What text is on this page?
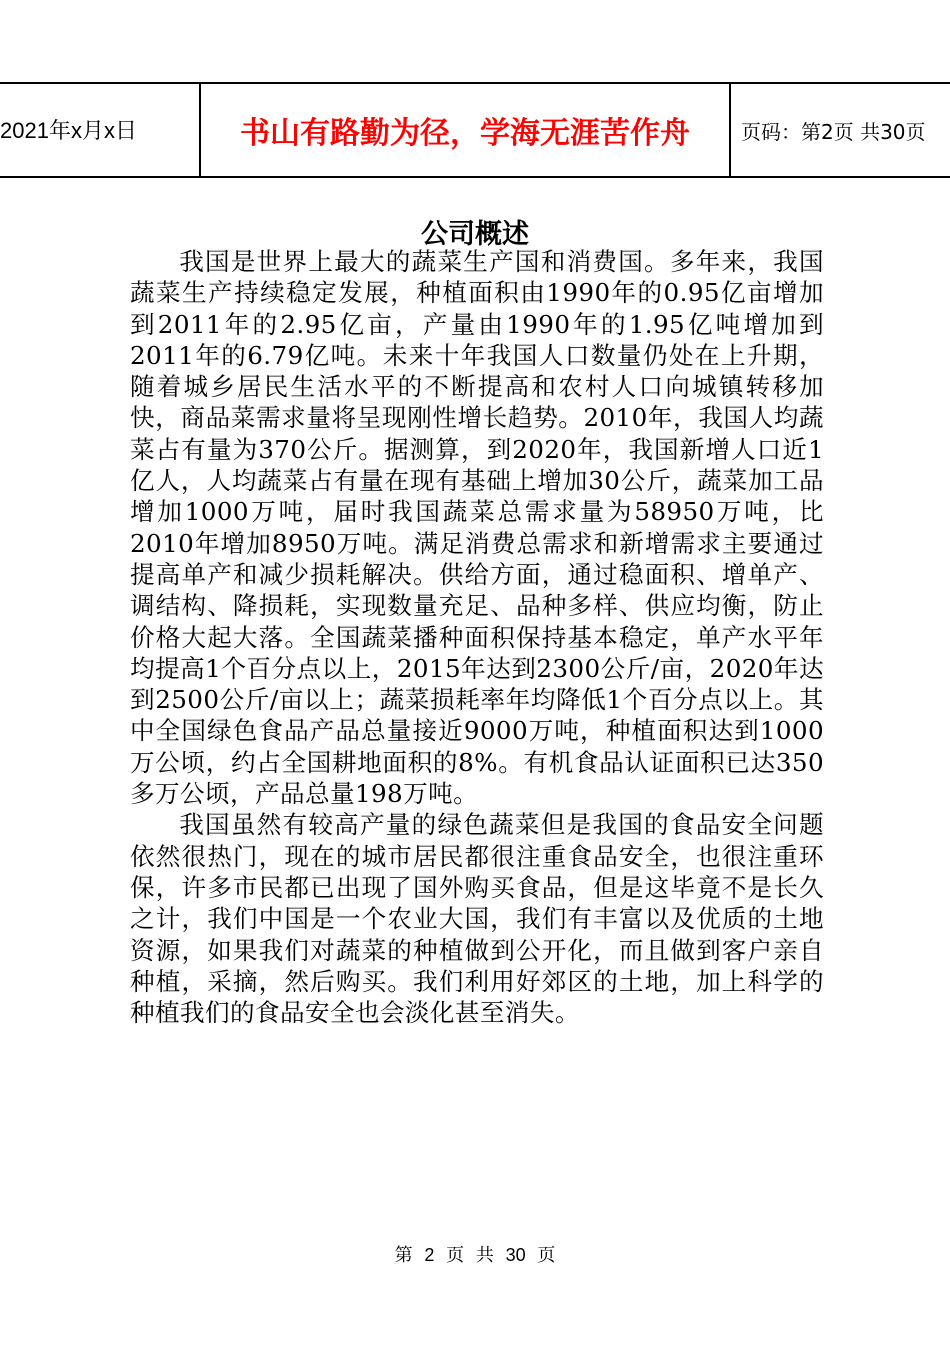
2021年x月x日	书山有路勤为径，学海无涯苦作舟	页码：第2页 共30页
公司概述

我国是世界上最大的蔬菜生产国和消费国。多年来，我国蔬菜生产持续稳定发展，种植面积由1990年的0.95亿亩增加到2011年的2.95亿亩，产量由1990年的1.95亿吨增加到2011年的6.79亿吨。未来十年我国人口数量仍处在上升期，随着城乡居民生活水平的不断提高和农村人口向城镇转移加快，商品菜需求量将呈现刚性增长趋势。2010年，我国人均蔬菜占有量为370公斤。据测算，到2020年，我国新增人口近1亿人，人均蔬菜占有量在现有基础上增加30公斤，蔬菜加工品增加1000万吨，届时我国蔬菜总需求量为58950万吨，比2010年增加8950万吨。满足消费总需求和新增需求主要通过提高单产和减少损耗解决。供给方面，通过稳面积、增单产、调结构、降损耗，实现数量充足、品种多样、供应均衡，防止价格大起大落。全国蔬菜播种面积保持基本稳定，单产水平年均提高1个百分点以上，2015年达到2300公斤/亩，2020年达到2500公斤/亩以上；蔬菜损耗率年均降低1个百分点以上。其中全国绿色食品产品总量接近9000万吨，种植面积达到1000万公顷，约占全国耕地面积的8%。有机食品认证面积已达350多万公顷，产品总量198万吨。

我国虽然有较高产量的绿色蔬菜但是我国的食品安全问题依然很热门，现在的城市居民都很注重食品安全，也很注重环保，许多市民都已出现了国外购买食品，但是这毕竟不是长久之计，我们中国是一个农业大国，我们有丰富以及优质的土地资源，如果我们对蔬菜的种植做到公开化，而且做到客户亲自种植，采摘，然后购买。我们利用好郊区的土地，加上科学的种植我们的食品安全也会淡化甚至消失。

第 2 页 共 30 页
